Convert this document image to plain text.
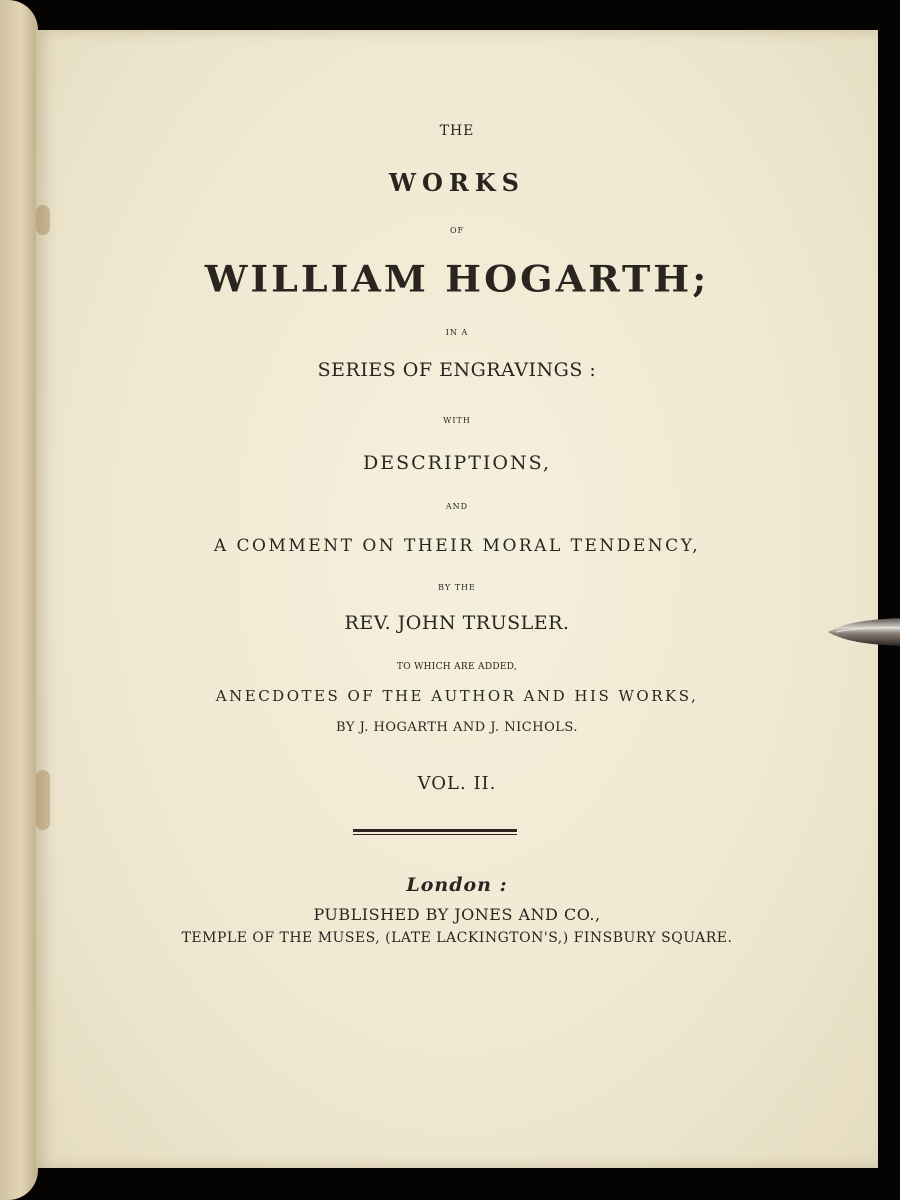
THE
WORKS
OF
WILLIAM HOGARTH;
IN A
SERIES OF ENGRAVINGS :
WITH
DESCRIPTIONS,
AND
A COMMENT ON THEIR MORAL TENDENCY,
BY THE
REV. JOHN TRUSLER.
TO WHICH ARE ADDED,
ANECDOTES OF THE AUTHOR AND HIS WORKS,
BY J. HOGARTH AND J. NICHOLS.
VOL. II.
London :
PUBLISHED BY JONES AND CO.,
TEMPLE OF THE MUSES, (LATE LACKINGTON'S,) FINSBURY SQUARE.
